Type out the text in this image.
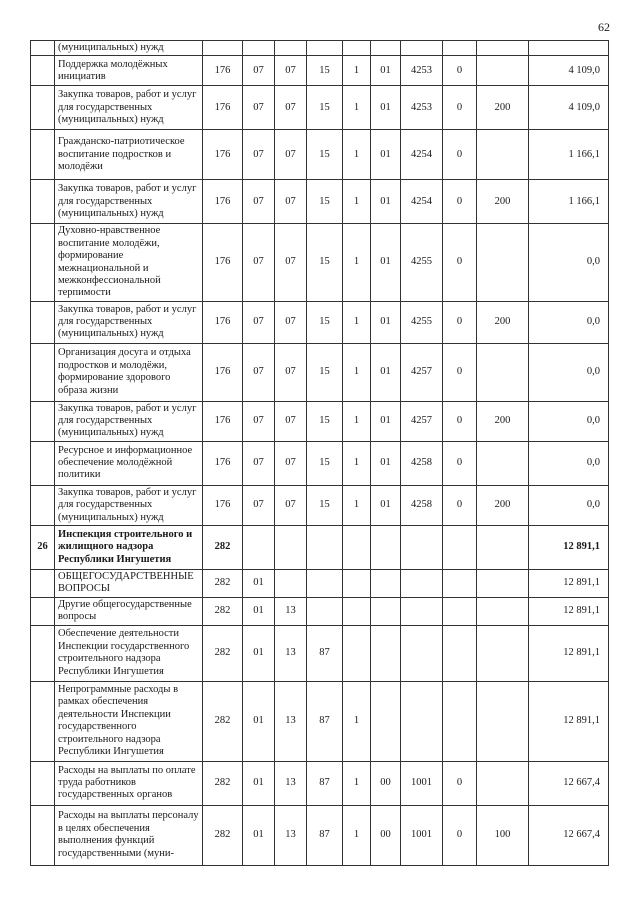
62
	(муниципальных) нужд										
	Поддержка молодёжных инициатив	176	07	07	15	1	01	4253	0		4 109,0
	Закупка товаров, работ и услуг для государственных (муниципальных) нужд	176	07	07	15	1	01	4253	0	200	4 109,0
	Гражданско-патриотическое воспитание подростков и молодёжи	176	07	07	15	1	01	4254	0		1 166,1
	Закупка товаров, работ и услуг для государственных (муниципальных) нужд	176	07	07	15	1	01	4254	0	200	1 166,1
	Духовно-нравственное воспитание молодёжи, формирование межнациональной и межконфессиональной терпимости	176	07	07	15	1	01	4255	0		0,0
	Закупка товаров, работ и услуг для государственных (муниципальных) нужд	176	07	07	15	1	01	4255	0	200	0,0
	Организация досуга и отдыха подростков и молодёжи, формирование здорового образа жизни	176	07	07	15	1	01	4257	0		0,0
	Закупка товаров, работ и услуг для государственных (муниципальных) нужд	176	07	07	15	1	01	4257	0	200	0,0
	Ресурсное и информационное обеспечение молодёжной политики	176	07	07	15	1	01	4258	0		0,0
	Закупка товаров, работ и услуг для государственных (муниципальных) нужд	176	07	07	15	1	01	4258	0	200	0,0
26	Инспекция строительного и жилищного надзора Республики Ингушетия	282									12 891,1
	ОБЩЕГОСУДАРСТВЕННЫЕ ВОПРОСЫ	282	01								12 891,1
	Другие общегосударственные вопросы	282	01	13							12 891,1
	Обеспечение деятельности Инспекции государственного строительного надзора Республики Ингушетия	282	01	13	87						12 891,1
	Непрограммные расходы в рамках обеспечения деятельности Инспекции государственного строительного надзора Республики Ингушетия	282	01	13	87	1					12 891,1
	Расходы на выплаты по оплате труда работников государственных органов	282	01	13	87	1	00	1001	0		12 667,4
	Расходы на выплаты персоналу в целях обеспечения выполнения функций государственными (муни-	282	01	13	87	1	00	1001	0	100	12 667,4
